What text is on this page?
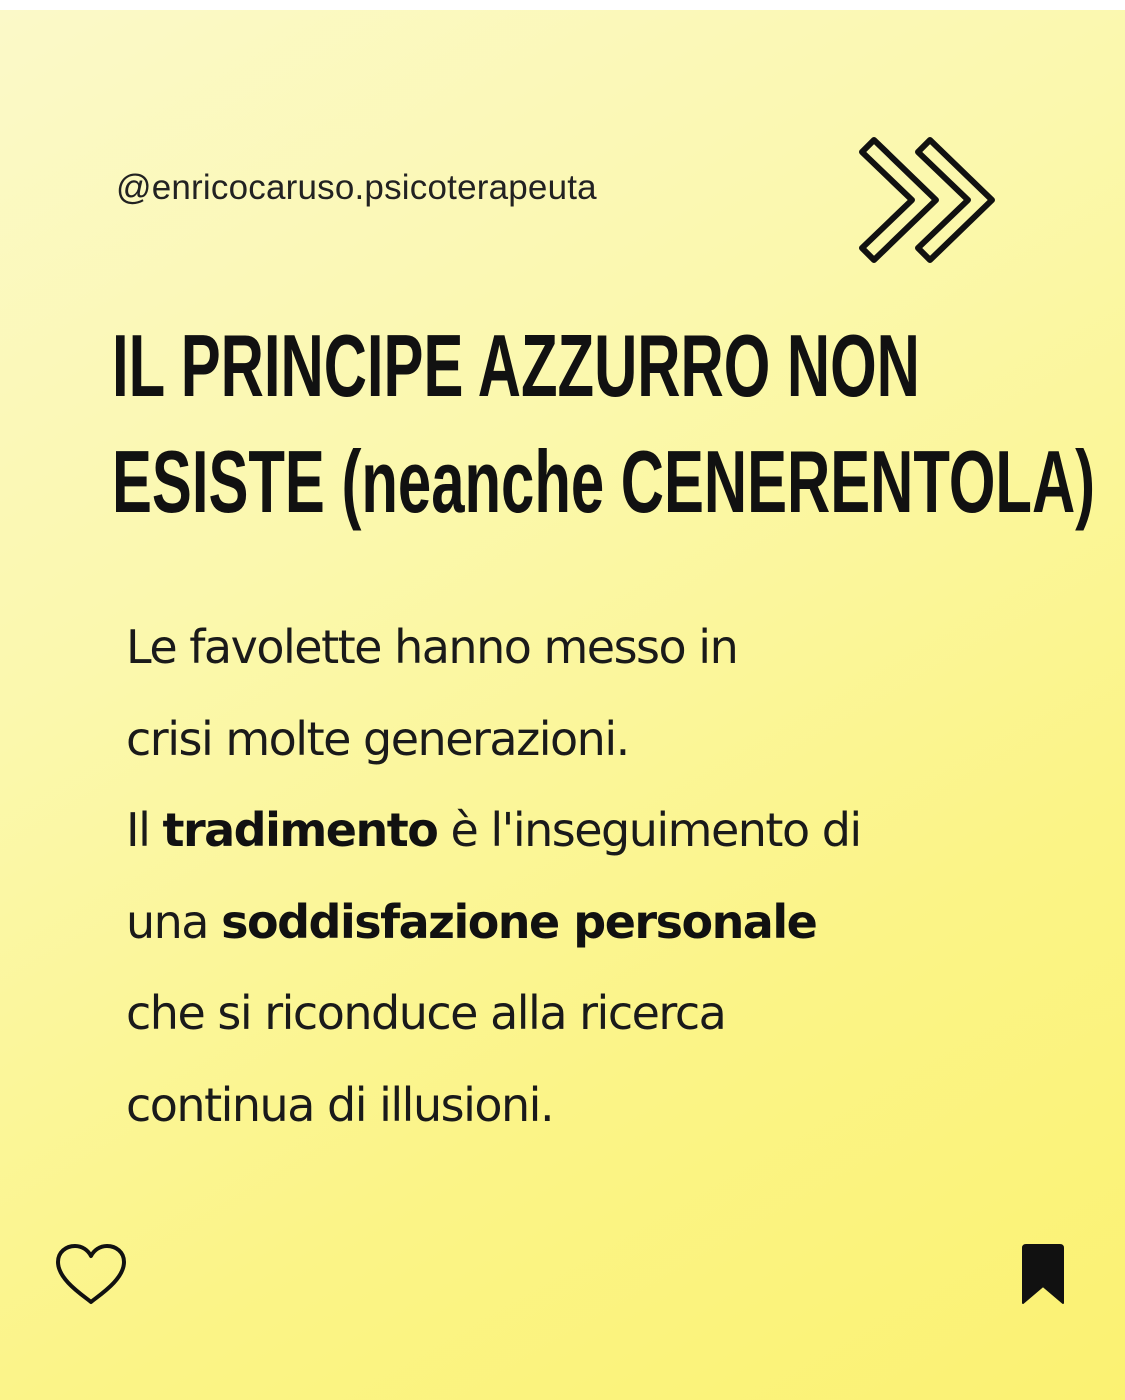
@enricocaruso.psicoterapeuta
IL PRINCIPE AZZURRO NON
ESISTE (neanche CENERENTOLA)
Le favolette hanno messo in
crisi molte generazioni.
Il tradimento è l'inseguimento di
una soddisfazione personale
che si riconduce alla ricerca
continua di illusioni.
